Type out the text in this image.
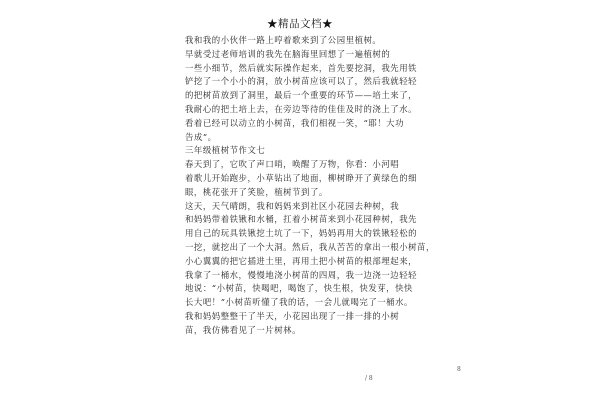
★精品文档★

我和我的小伙伴一路上哼着歌来到了公园里植树。

早就受过老师培训的我先在脑海里回想了一遍植树的

一些小细节，然后就实际操作起来，首先要挖洞，我先用铁

铲挖了一个小小的洞，放小树苗应该可以了，然后我就轻轻

的把树苗放到了洞里，最后一个重要的环节——培土来了，

我耐心的把土培上去，在旁边等待的佳佳及时的浇上了水。

看着已经可以动立的小树苗，我们相视一笑，“耶！大功

告成”。

三年级植树节作文七

春天到了，它吹了声口哨，唤醒了万物，你看：小河唱

着歌儿开始跑步，小草钻出了地面，柳树睁开了黄绿色的细

眼，桃花张开了笑脸，植树节到了。

这天，天气晴朗，我和妈妈来到社区小花园去种树，我

和妈妈带着铁锹和水桶，扛着小树苗来到小花园种树，我先

用自己的玩具铁锹挖土坑了一下，妈妈再用大的铁锹轻松的

一挖，就挖出了一个大洞。然后，我从苦苦的拿出一根小树苗，

小心翼翼的把它插进土里，再用土把小树苗的根部埋起来，

我拿了一桶水，慢慢地浇小树苗的四周，我一边浇一边轻轻

地说：“小树苗，快喝吧，喝饱了，快生根，快发芽，快快

长大吧！”小树苗听懂了我的话，一会儿就喝完了一桶水。

我和妈妈整整干了半天，小花园出现了一排一排的小树

苗，我仿佛看见了一片树林。

/ 8
8
